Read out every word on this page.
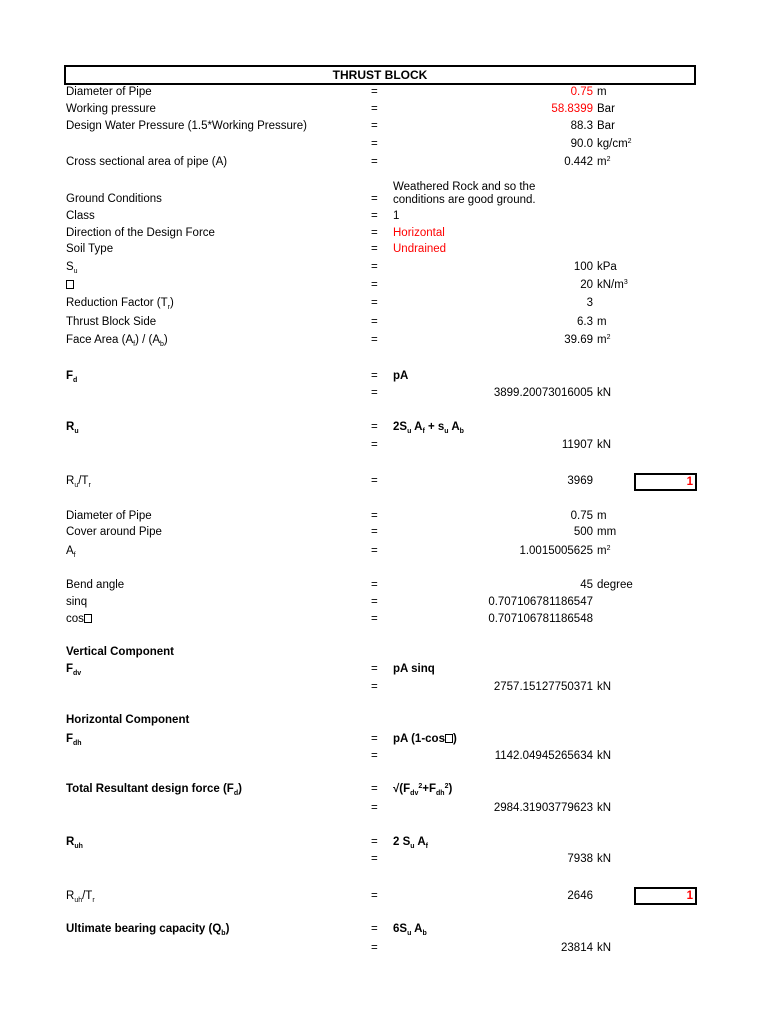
THRUST BLOCK
Diameter of Pipe	=	0.75 m
Working pressure	=	58.8399 Bar
Design Water Pressure (1.5*Working Pressure)	=	88.3 Bar
=	90.0 $kg/cm^2$
Cross sectional area of pipe (A)	=	0.442 $m^2$
Ground Conditions	=
Weathered Rock and so the
conditions are good ground.
Class	= 1
Direction of the Design Force	= Horizontal
Soil Type	= Undrained
$S_u$	=	100 kPa
=	20 $kN/m^3$
Reduction Factor $(T_r)$	=	3
Thrust Block Side	=	6.3 m
Face Area $(A_f) / (A_b)$	=	39.69 $m^2$
$F_d$	= pA
=	3899.20073016005 kN
$R_u$	= $2S_u$ $A_f + s_u$ $A_b$
=	11907 kN
$R_u/T_r$	=	3969	1
Diameter of Pipe	=	0.75 m
Cover around Pipe	=	500 mm
$A_f$	=	1.0015005625 $m^2$
Bend angle	=	45 degree
sinq	=	0.707106781186547
cos	=	0.707106781186548
Vertical Component
$F_{dv}$	= pA sinq
=	2757.15127750371 kN
Horizontal Component
$F_{dh}$	= pA (1-cos )
=	1142.04945265634 kN
Total Resultant design force $(F_d)$	= $√(F_{dv}^2+F_{dh}^2)$
=	2984.31903779623 kN
$R_{uh}$	= 2 $S_u$ $A_f$
=	7938 kN
$R_{uh}/T_r$	=	2646	1
Ultimate bearing capacity $(Q_b)$	= $6S_u$ $A_b$
=	23814 kN
